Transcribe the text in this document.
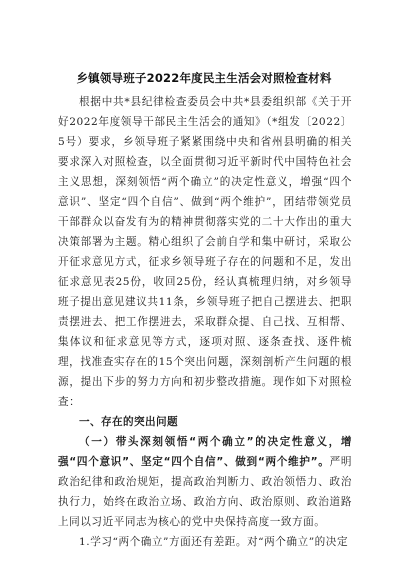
乡镇领导班子2022年度民主生活会对照检查材料

根据中共*县纪律检查委员会中共*县委组织部《关于开好2022年度领导干部民主生活会的通知》（*组发〔2022〕5号）要求，乡领导班子紧紧围绕中央和省州县明确的相关要求深入对照检查，以全面贯彻习近平新时代中国特色社会主义思想，深刻领悟“两个确立”的决定性意义，增强“四个意识”、坚定“四个自信”、做到“两个维护”，团结带领党员干部群众以奋发有为的精神贯彻落实党的二十大作出的重大决策部署为主题。精心组织了会前自学和集中研讨，采取公开征求意见方式，征求乡领导班子存在的问题和不足，发出征求意见表25份，收回25份，经认真梳理归纳，对乡领导班子提出意见建议共11条，乡领导班子把自己摆进去、把职责摆进去、把工作摆进去，采取群众提、自己找、互相帮、集体议和征求意见等方式，逐项对照、逐条查找、逐件梳理，找准查实存在的15个突出问题，深刻剖析产生问题的根源，提出下步的努力方向和初步整改措施。现作如下对照检查：

一、存在的突出问题

（一）带头深刻领悟“两个确立”的决定性意义，增强“四个意识”、坚定“四个自信”、做到“两个维护”。严明政治纪律和政治规矩，提高政治判断力、政治领悟力、政治执行力，始终在政治立场、政治方向、政治原则、政治道路上同以习近平同志为核心的党中央保持高度一致方面。

1.学习“两个确立”方面还有差距。对“两个确立”的决定
